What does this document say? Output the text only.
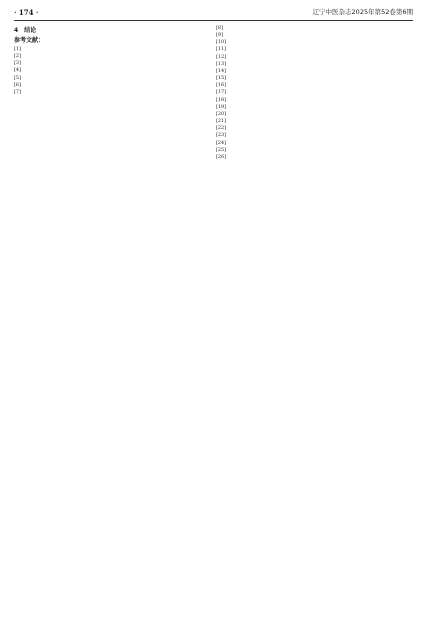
· 174 ·	辽宁中医杂志2025年第52卷第6期

4　结论

参考文献：
[1]
[2]
[3]
[4]
[5]
[6]
[7]
[8]
[9]
[10]
[11]
[12]
[13]
[14]
[15]
[16]
[17]
[18]
[19]
[20]
[21]
[22]
[23]
[24]
[25]
[26]
